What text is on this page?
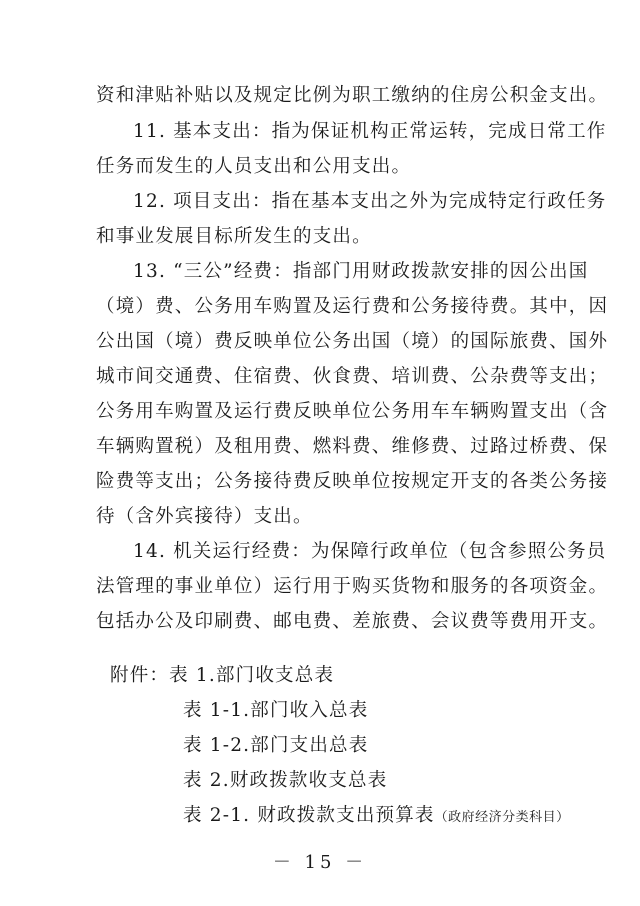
资和津贴补贴以及规定比例为职工缴纳的住房公积金支出。
11. 基本支出：指为保证机构正常运转，完成日常工作
任务而发生的人员支出和公用支出。
12. 项目支出：指在基本支出之外为完成特定行政任务
和事业发展目标所发生的支出。
13. “三公”经费：指部门用财政拨款安排的因公出国
（境）费、公务用车购置及运行费和公务接待费。其中，因
公出国（境）费反映单位公务出国（境）的国际旅费、国外
城市间交通费、住宿费、伙食费、培训费、公杂费等支出；
公务用车购置及运行费反映单位公务用车车辆购置支出（含
车辆购置税）及租用费、燃料费、维修费、过路过桥费、保
险费等支出；公务接待费反映单位按规定开支的各类公务接
待（含外宾接待）支出。
14. 机关运行经费：为保障行政单位（包含参照公务员
法管理的事业单位）运行用于购买货物和服务的各项资金。
包括办公及印刷费、邮电费、差旅费、会议费等费用开支。
附件：表 1.部门收支总表
表 1-1.部门收入总表
表 1-2.部门支出总表
表 2.财政拨款收支总表
表 2-1. 财政拨款支出预算表（政府经济分类科目）
－ 15 －
